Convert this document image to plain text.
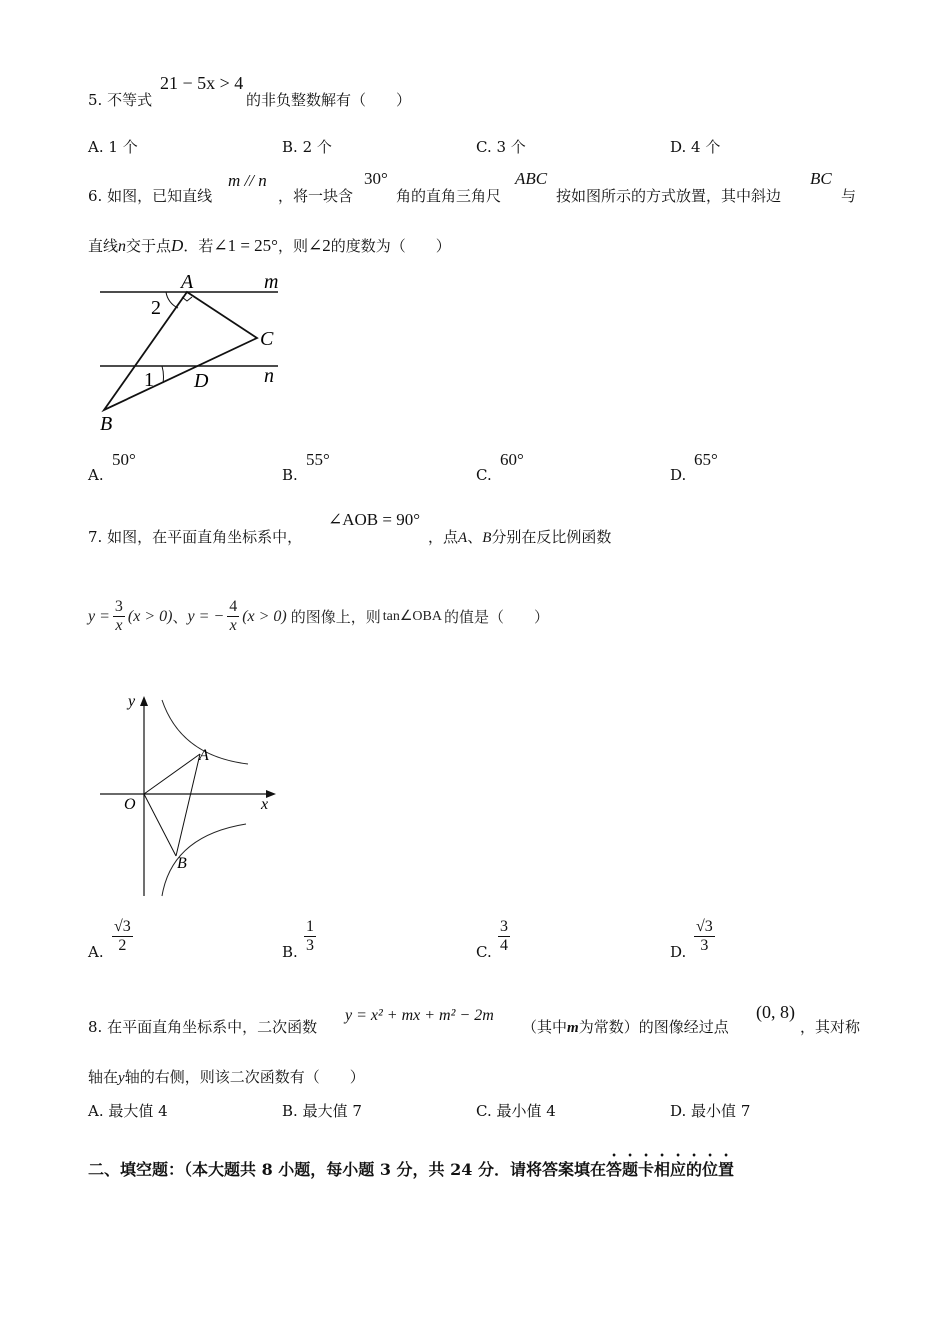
5. 不等式
21 − 5x > 4
的非负整数解有（　　）
A. 1 个	B. 2 个	C. 3 个	D. 4 个
6. 如图，已知直线
m // n
，将一块含
30°
角的直角三角尺
ABC
按如图所示的方式放置，其中斜边
BC
与
直线n交于点D．若∠1 = 25°，则∠2的度数为（　　）
A	m
2
C
n
1 D
B
A.
50°
B.
55°
C.
60°
D.
65°
7. 如图，在平面直角坐标系中，
∠AOB = 90°
，点A、B分别在反比例函数
$y = \frac{3}{x} (x > 0)$ 、 y = − $\frac{4}{x} (x > 0)$ 的图像上，则 tan∠OBA 的值是（　　）
y
x
O
A
B
A. $\frac{√3}{2}$	B. $\frac{1}{3}$	C. $\frac{3}{4}$	D. $\frac{√3}{3}$
8. 在平面直角坐标系中，二次函数
y = x² + mx + m² − 2m
（其中m为常数）的图像经过点
(0, 8)
，其对称
轴在y轴的右侧，则该二次函数有（　　）
A. 最大值 4	B. 最大值 7	C. 最小值 4	D. 最小值 7
二、填空题：（本大题共 8 小题，每小题 3 分，共 24 分．请将答案填在答题卡相应的位置
